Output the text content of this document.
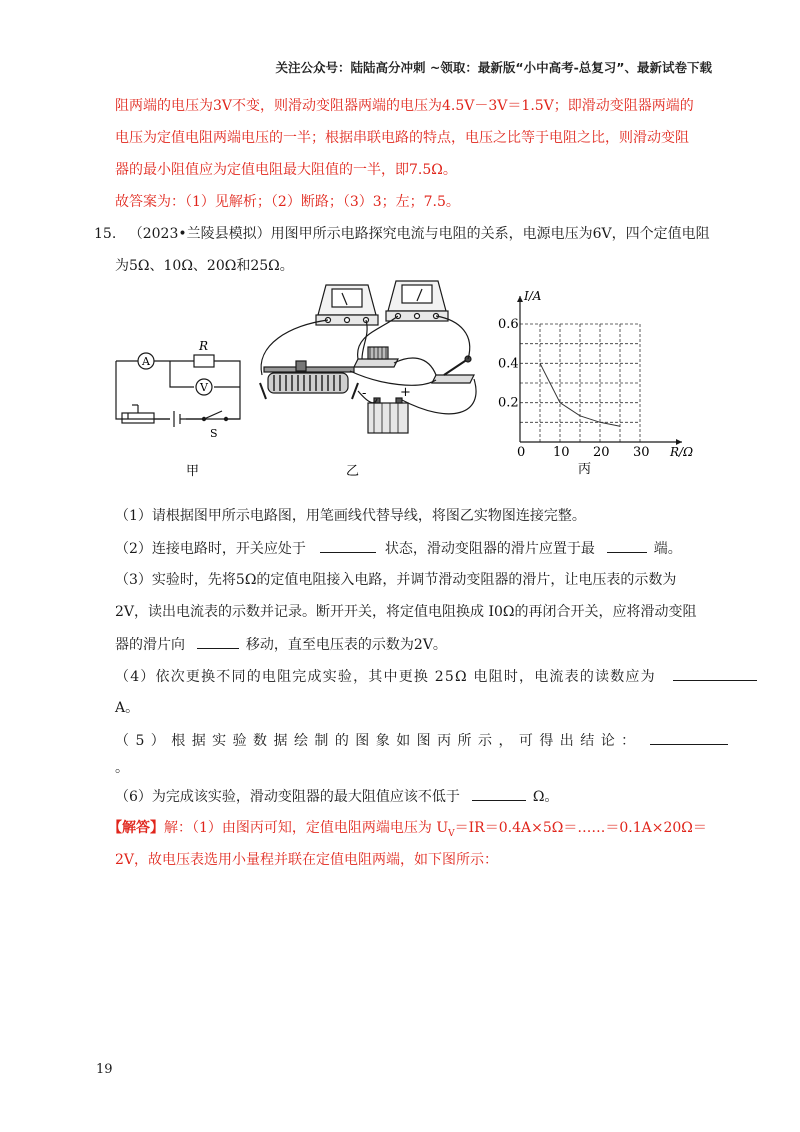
关注公众号：陆陆高分冲刺 ~领取：最新版“小中高考-总复习”、最新试卷下载
阻两端的电压为3V不变，则滑动变阻器两端的电压为4.5V－3V＝1.5V；即滑动变阻器两端的
电压为定值电阻两端电压的一半；根据串联电路的特点，电压之比等于电阻之比，则滑动变阻
器的最小阻值应为定值电阻最大阻值的一半，即7.5Ω。
故答案为：（1）见解析；（2）断路；（3）3；左；7.5。
15. （2023•兰陵县模拟）用图甲所示电路探究电流与电阻的关系，电源电压为6V，四个定值电阻
为5Ω、10Ω、20Ω和25Ω。
A
V
R
S
甲
-	+
乙
0 10 20 30
0.2
0.4
0.6
I/A
R/Ω
丙
（1）请根据图甲所示电路图，用笔画线代替导线，将图乙实物图连接完整。
（2）连接电路时，开关应处于	状态，滑动变阻器的滑片应置于最	端。
（3）实验时，先将5Ω的定值电阻接入电路，并调节滑动变阻器的滑片，让电压表的示数为
2V，读出电流表的示数并记录。断开开关，将定值电阻换成 I0Ω的再闭合开关，应将滑动变阻
器的滑片向	移动，直至电压表的示数为2V。
（4）依次更换不同的电阻完成实验，其中更换 25Ω 电阻时，电流表的读数应为
A。
（ 5 ） 根 据 实 验 数 据 绘 制 的 图 象 如 图 丙 所 示 ， 可 得 出 结 论 ：
。
（6）为完成该实验，滑动变阻器的最大阻值应该不低于	Ω。
【解答】解：（1）由图丙可知，定值电阻两端电压为 $U_V=IR=0.4A\times 5\Omega=\dots\dots=0.1A\times 20\Omega=$
2V，故电压表选用小量程并联在定值电阻两端，如下图所示：
19
